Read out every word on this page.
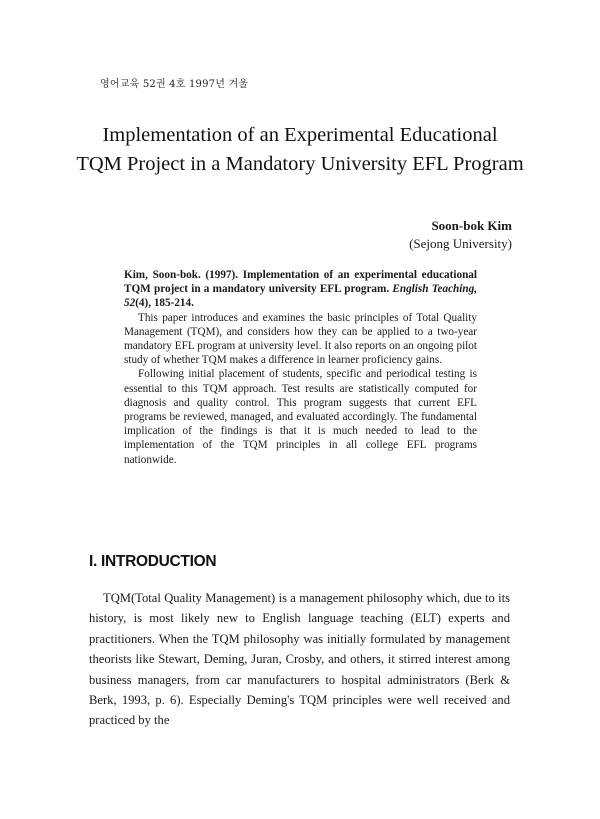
영어교육 52권 4호 1997년 겨울
Implementation of an Experimental Educational
TQM Project in a Mandatory University EFL Program
Soon-bok Kim
(Sejong University)

Kim, Soon-bok. (1997). Implementation of an experimental educational TQM project in a mandatory university EFL program. English Teaching, 52(4), 185-214.

This paper introduces and examines the basic principles of Total Quality Management (TQM), and considers how they can be applied to a two-year mandatory EFL program at university level. It also reports on an ongoing pilot study of whether TQM makes a difference in learner proficiency gains.

Following initial placement of students, specific and periodical testing is essential to this TQM approach. Test results are statistically computed for diagnosis and quality control. This program suggests that current EFL programs be reviewed, managed, and evaluated accordingly. The fundamental implication of the findings is that it is much needed to lead to the implementation of the TQM principles in all college EFL programs nationwide.

I. INTRODUCTION

TQM(Total Quality Management) is a management philosophy which, due to its history, is most likely new to English language teaching (ELT) experts and practitioners. When the TQM philosophy was initially formulated by management theorists like Stewart, Deming, Juran, Crosby, and others, it stirred interest among business managers, from car manufacturers to hospital administrators (Berk & Berk, 1993, p. 6). Especially Deming's TQM principles were well received and practiced by the
